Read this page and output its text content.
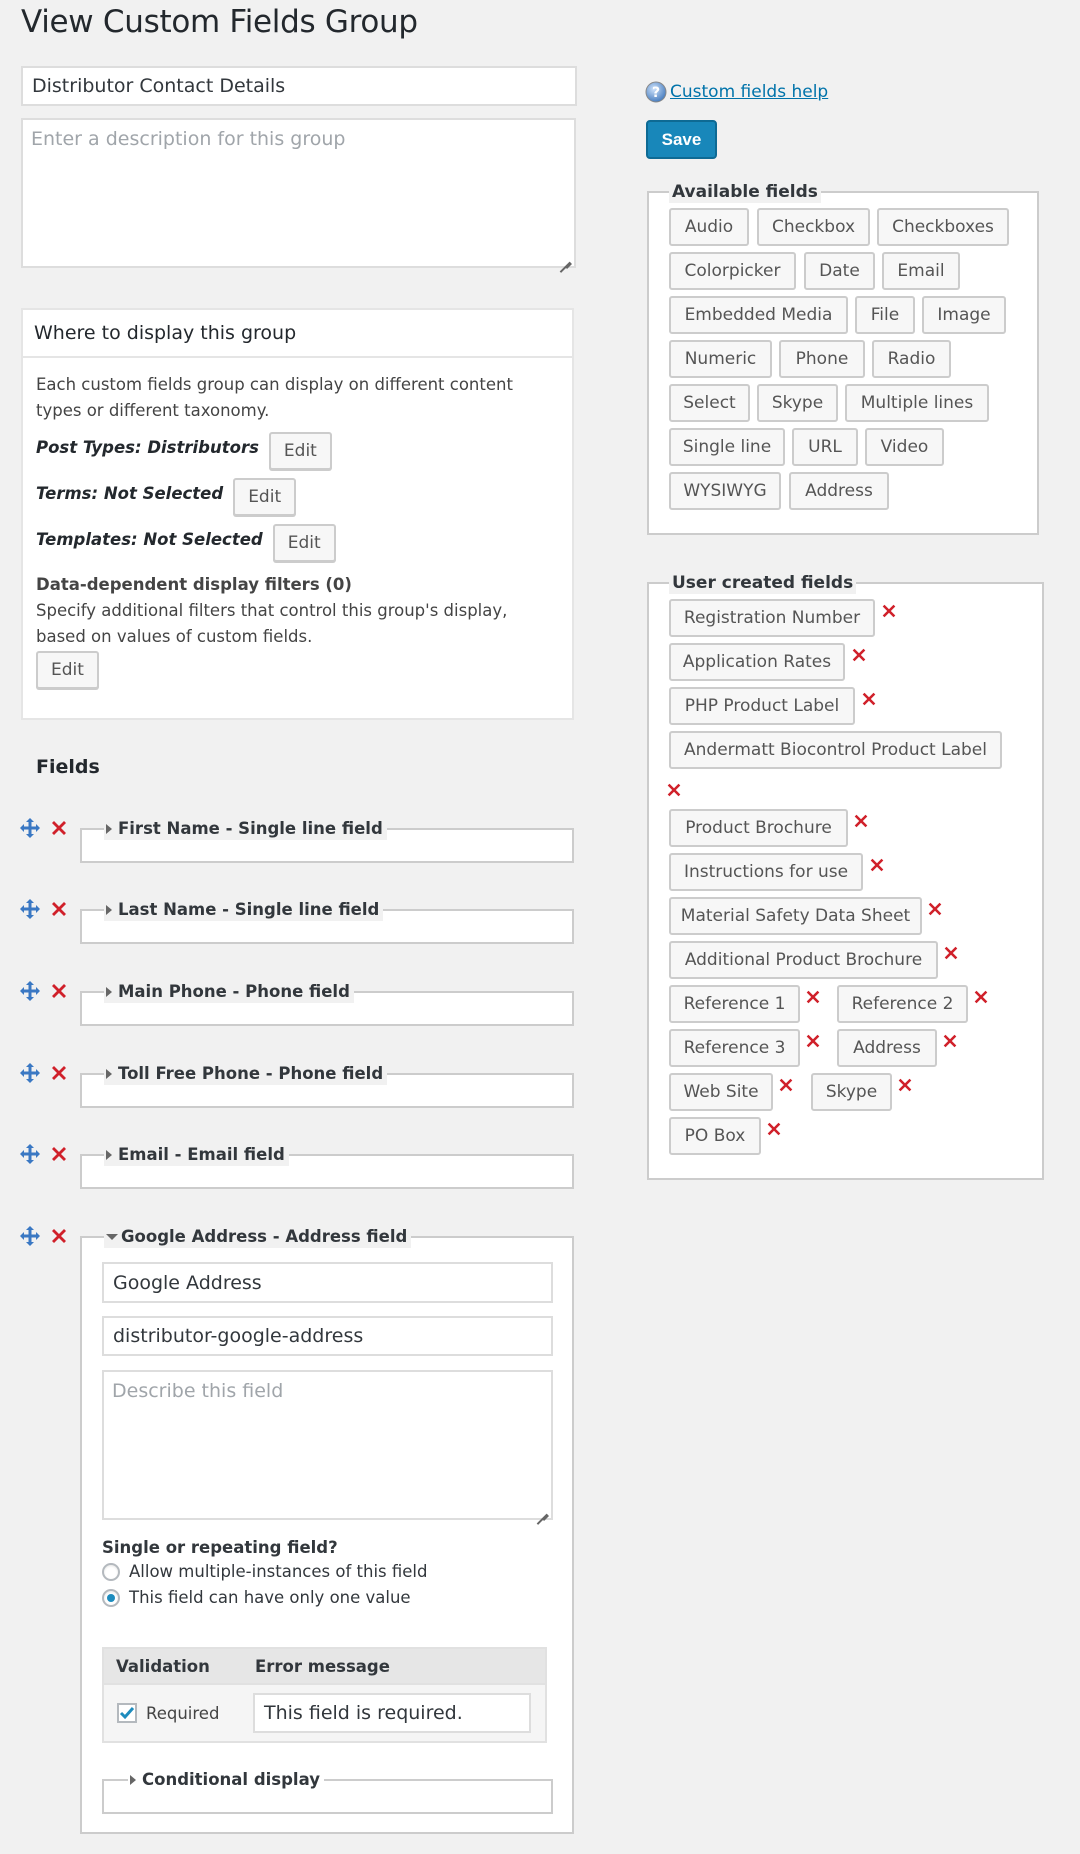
View Custom Fields Group
Distributor Contact Details
Enter a description for this group
Where to display this group
Each custom fields group can display on different content types or different taxonomy.
Post Types: Distributors	Edit
Terms: Not Selected	Edit
Templates: Not Selected	Edit
Data-dependent display filters (0)
Specify additional filters that control this group's display, based on values of custom fields.
Edit
Fields
First Name - Single line field
Last Name - Single line field
Main Phone - Phone field
Toll Free Phone - Phone field
Email - Email field
Google Address - Address field
Google Address
distributor-google-address
Describe this field
Single or repeating field?
Allow multiple-instances of this field
This field can have only one value
Validation	Error message
Required This field is required.
Conditional display
? Custom fields help
Save
Available fields
Audio	Checkbox	Checkboxes
Colorpicker	Date	Email
Embedded Media	File	Image
Numeric	Phone	Radio
Select	Skype	Multiple lines
Single line	URL	Video
WYSIWYG	Address
User created fields
Registration Number
Application Rates
PHP Product Label
Andermatt Biocontrol Product Label
Product Brochure
Instructions for use
Material Safety Data Sheet
Additional Product Brochure
Reference 1	Reference 2
Reference 3	Address
Web Site	Skype
PO Box
